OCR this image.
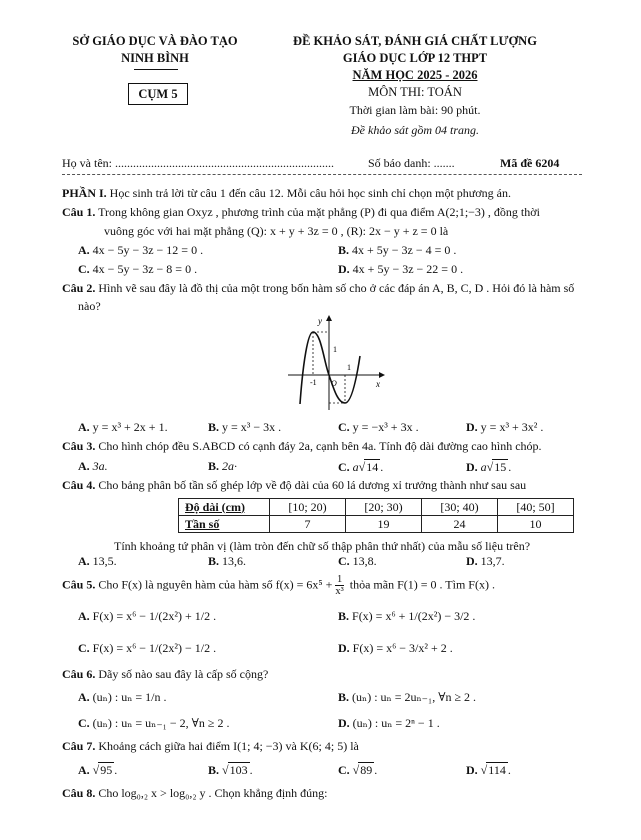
SỞ GIÁO DỤC VÀ ĐÀO TẠO
NINH BÌNH
CỤM 5
ĐỀ KHẢO SÁT, ĐÁNH GIÁ CHẤT LƯỢNG
GIÁO DỤC LỚP 12 THPT
NĂM HỌC 2025 - 2026
MÔN THI: TOÁN
Thời gian làm bài: 90 phút.
Đề khảo sát gồm 04 trang.
Họ và tên: .........................................................................	Số báo danh: .......	Mã đề 6204
PHẦN I. Học sinh trả lời từ câu 1 đến câu 12. Mỗi câu hỏi học sinh chỉ chọn một phương án.
Câu 1. Trong không gian Oxyz , phương trình của mặt phẳng (P) đi qua điểm A(2;1;−3) , đồng thời
vuông góc với hai mặt phẳng (Q): x + y + 3z = 0 , (R): 2x − y + z = 0 là
A. 4x − 5y − 3z − 12 = 0 .	B. 4x + 5y − 3z − 4 = 0 .
C. 4x − 5y − 3z − 8 = 0 .	D. 4x + 5y − 3z − 22 = 0 .
Câu 2. Hình vẽ sau đây là đồ thị của một trong bốn hàm số cho ở các đáp án A, B, C, D . Hỏi đó là hàm số
nào?
y
x
O
-1
1
1
A. y = x³ + 2x + 1.	B. y = x³ − 3x .	C. y = −x³ + 3x .	D. y = x³ + 3x² .
Câu 3. Cho hình chóp đều S.ABCD có cạnh đáy 2a, cạnh bên 4a. Tính độ dài đường cao hình chóp.
A. 3a.	B. 2a·	C. a√14 .	D. a√15 .
Câu 4. Cho bảng phân bố tần số ghép lớp về độ dài của 60 lá dương xỉ trưởng thành như sau sau
Độ dài (cm)	[10; 20)	[20; 30)	[30; 40)	[40; 50]
Tần số	7	19	24	10
Tính khoảng tứ phân vị (làm tròn đến chữ số thập phân thứ nhất) của mẫu số liệu trên?
A. 13,5.	B. 13,6.	C. 13,8.	D. 13,7.
Câu 5. Cho F(x) là nguyên hàm của hàm số $f(x) = 6x^5 + \frac{1}{\text{x³}}$ thỏa mãn F(1) = 0 . Tìm F(x) .
A. F(x) = x⁶ − 1/(2x²) + 1/2 .	B. F(x) = x⁶ + 1/(2x²) − 3/2 .
C. F(x) = x⁶ − 1/(2x²) − 1/2 .	D. F(x) = x⁶ − 3/x² + 2 .
Câu 6. Dãy số nào sau đây là cấp số cộng?
A. (uₙ) : uₙ = 1/n .	B. (uₙ) : uₙ = 2uₙ₋₁, ∀n ≥ 2 .
C. (uₙ) : uₙ = uₙ₋₁ − 2, ∀n ≥ 2 .	D. (uₙ) : uₙ = 2ⁿ − 1 .
Câu 7. Khoảng cách giữa hai điểm I(1; 4; −3) và K(6; 4; 5) là
A. √95 .	B. √103 .	C. √89 .	D. √114 .
Câu 8. Cho log₀,₂ x > log₀,₂ y . Chọn khẳng định đúng:
